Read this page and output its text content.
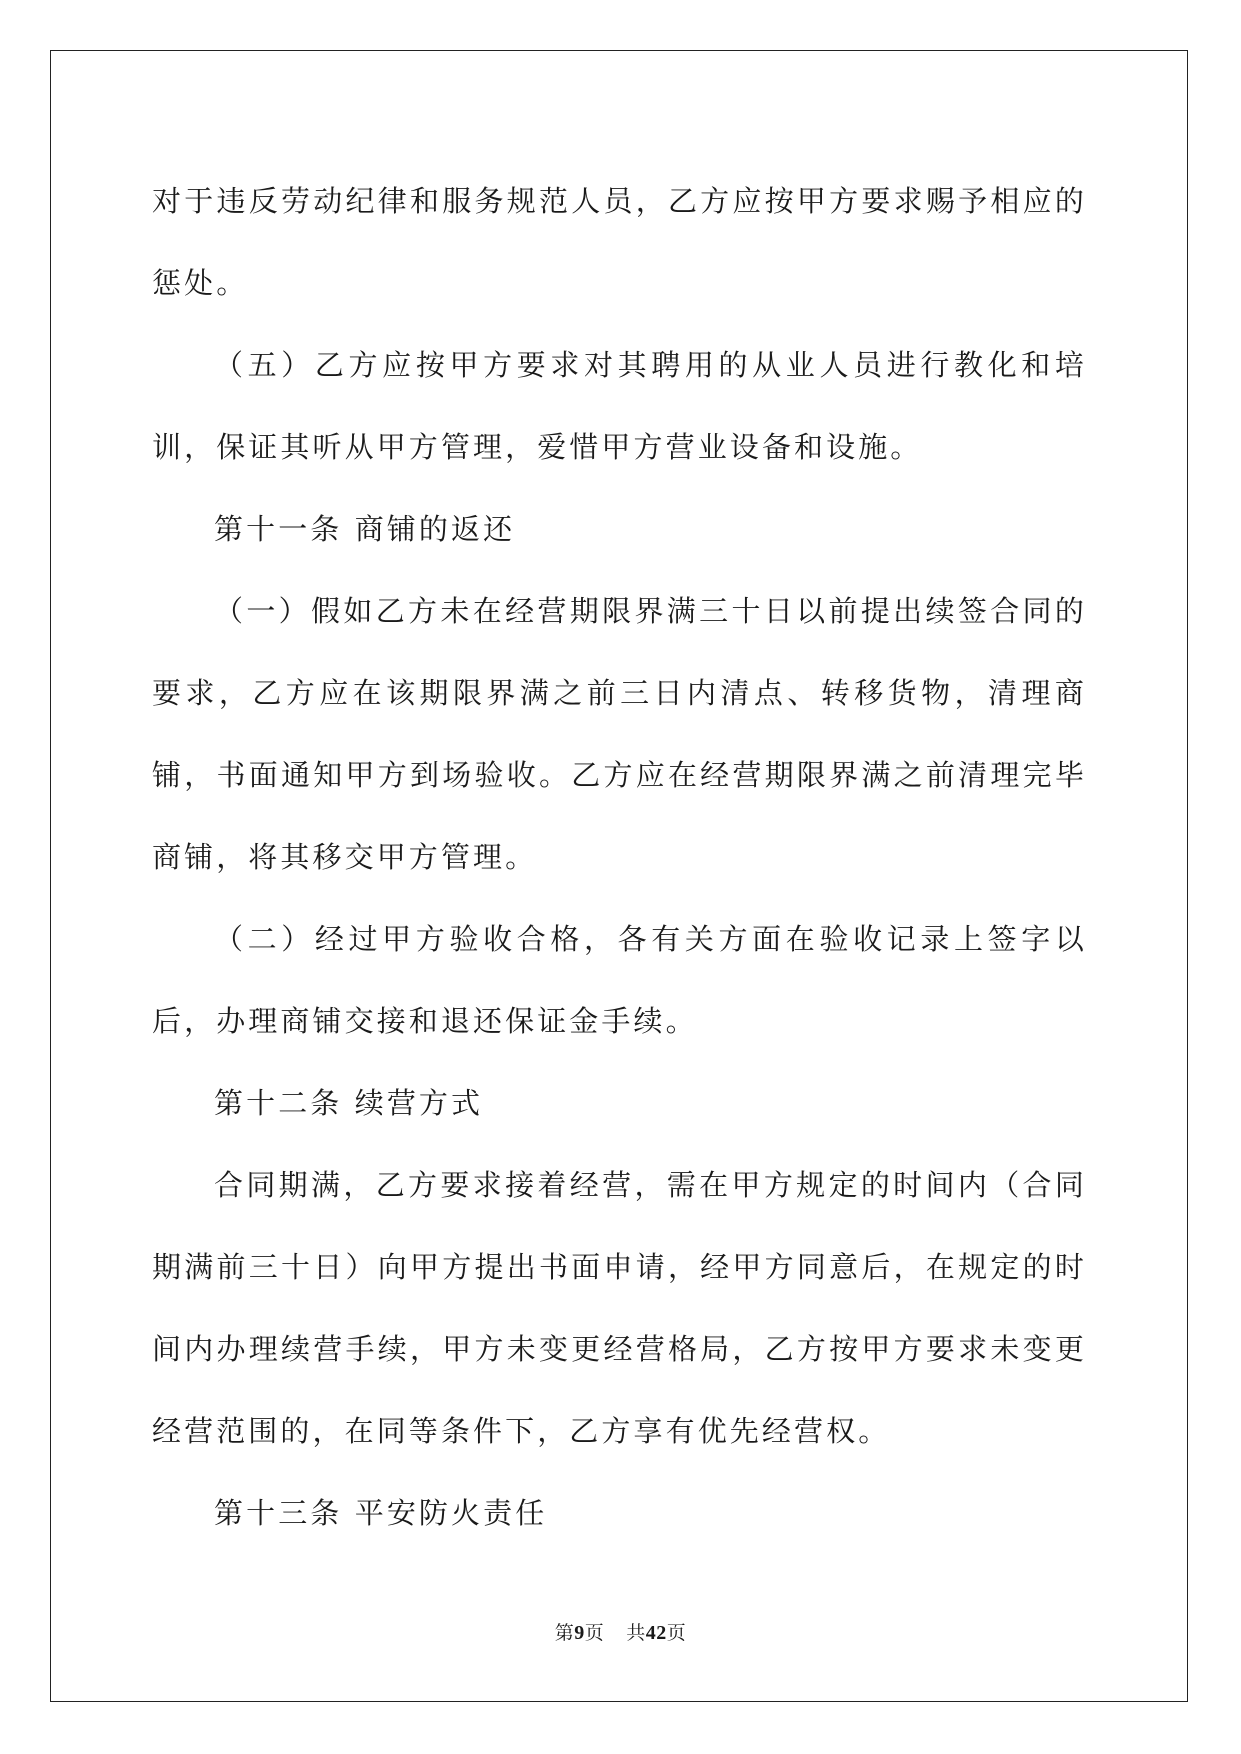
对于违反劳动纪律和服务规范人员，乙方应按甲方要求赐予相应的惩处。

（五）乙方应按甲方要求对其聘用的从业人员进行教化和培训，保证其听从甲方管理，爱惜甲方营业设备和设施。

第十一条 商铺的返还

（一）假如乙方未在经营期限界满三十日以前提出续签合同的要求，乙方应在该期限界满之前三日内清点、转移货物，清理商铺，书面通知甲方到场验收。乙方应在经营期限界满之前清理完毕商铺，将其移交甲方管理。

（二）经过甲方验收合格，各有关方面在验收记录上签字以后，办理商铺交接和退还保证金手续。

第十二条 续营方式

合同期满，乙方要求接着经营，需在甲方规定的时间内（合同期满前三十日）向甲方提出书面申请，经甲方同意后，在规定的时间内办理续营手续，甲方未变更经营格局，乙方按甲方要求未变更经营范围的，在同等条件下，乙方享有优先经营权。

第十三条 平安防火责任

第9页 共42页
